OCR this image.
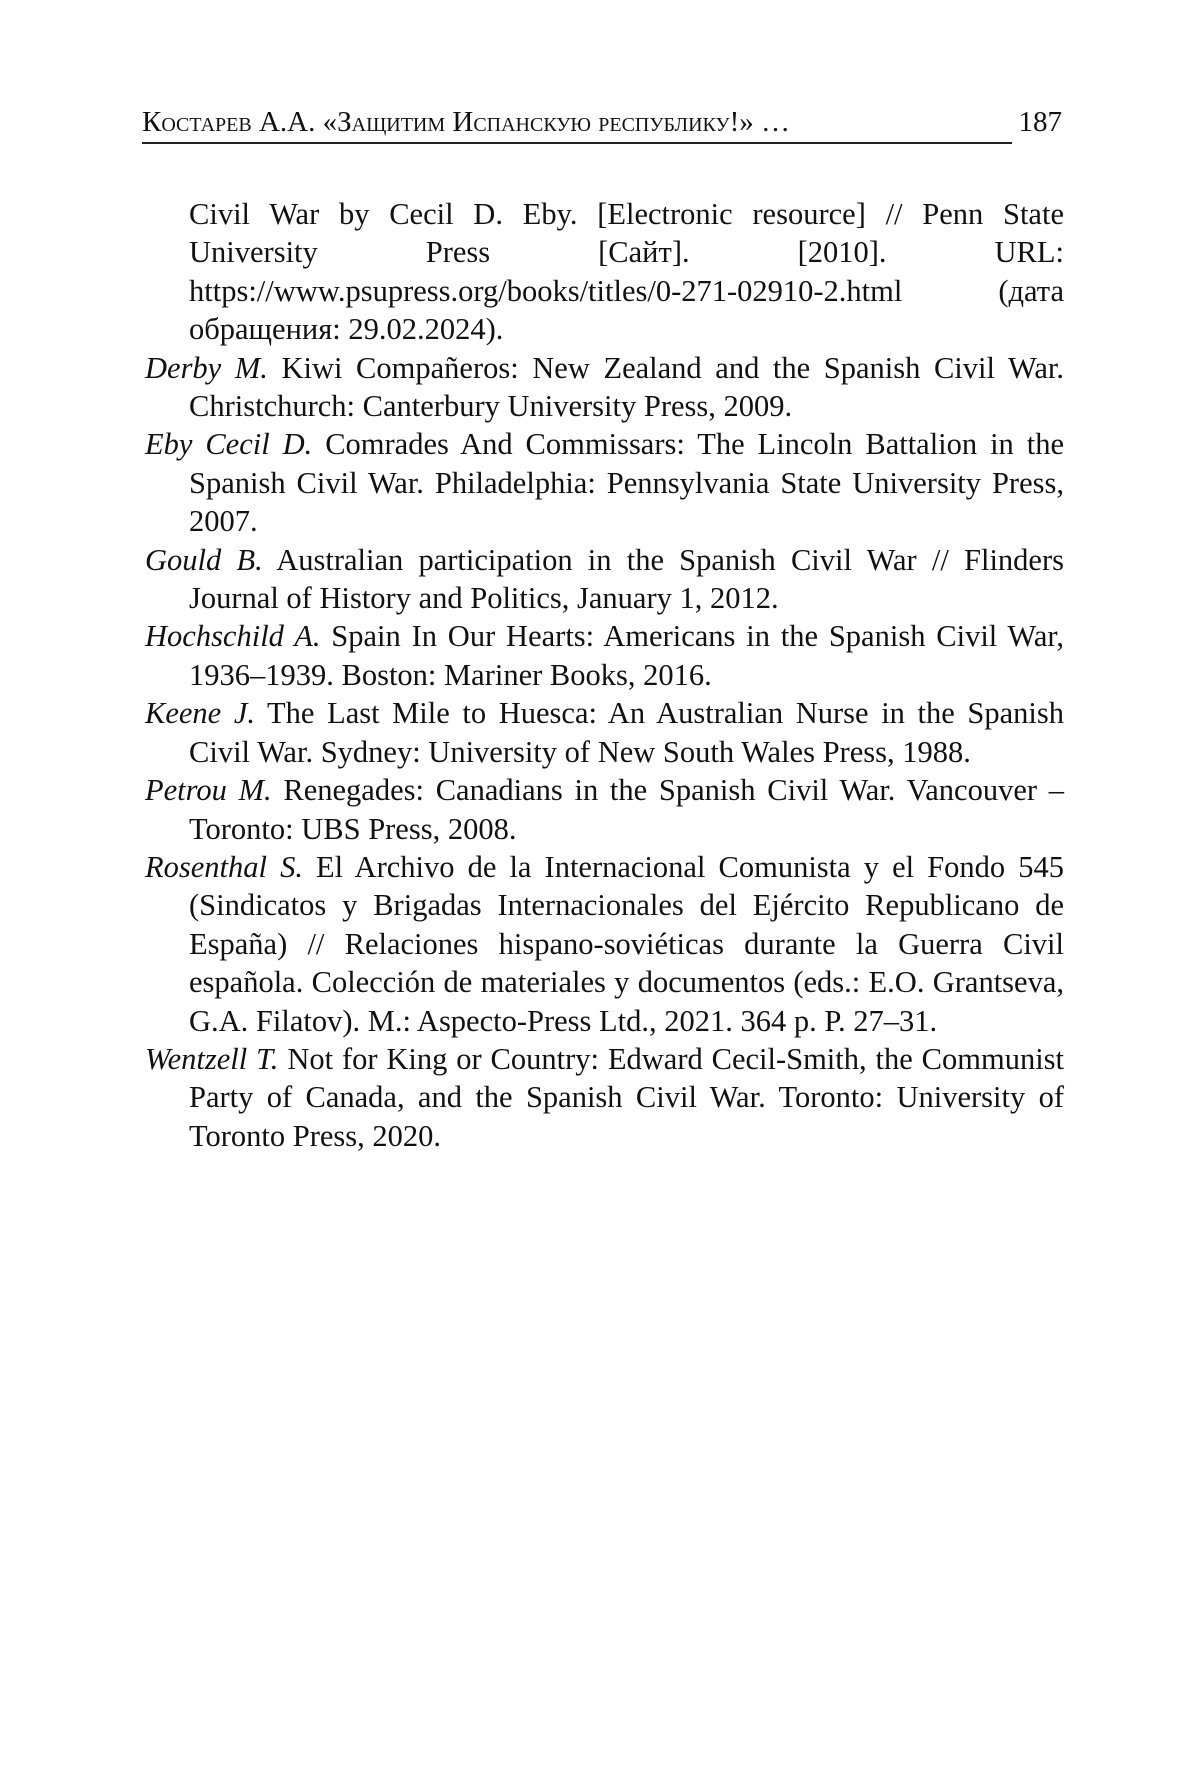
Костарев А.А. «Защитим Испанскую республику!» …	187

Civil War by Cecil D. Eby. [Electronic resource] // Penn State University Press [Сайт]. [2010]. URL: https://www.psupress.org/books/titles/0-271-02910-2.html (дата обращения: 29.02.2024).

Derby M. Kiwi Compañeros: New Zealand and the Spanish Civil War. Christchurch: Canterbury University Press, 2009.

Eby Cecil D. Comrades And Commissars: The Lincoln Battalion in the Spanish Civil War. Philadelphia: Pennsylvania State University Press, 2007.

Gould B. Australian participation in the Spanish Civil War // Flinders Journal of History and Politics, January 1, 2012.

Hochschild A. Spain In Our Hearts: Americans in the Spanish Civil War, 1936–1939. Boston: Mariner Books, 2016.

Keene J. The Last Mile to Huesca: An Australian Nurse in the Spanish Civil War. Sydney: University of New South Wales Press, 1988.

Petrou M. Renegades: Canadians in the Spanish Civil War. Vancouver – Toronto: UBS Press, 2008.

Rosenthal S. El Archivo de la Internacional Comunista y el Fondo 545 (Sindicatos y Brigadas Internacionales del Ejército Republicano de España) // Relaciones hispano-soviéticas durante la Guerra Civil española. Colección de materiales y documentos (eds.: E.O. Grantseva, G.A. Filatov). M.: Aspecto-Press Ltd., 2021. 364 p. P. 27–31.

Wentzell T. Not for King or Country: Edward Cecil-Smith, the Communist Party of Canada, and the Spanish Civil War. Toronto: University of Toronto Press, 2020.
